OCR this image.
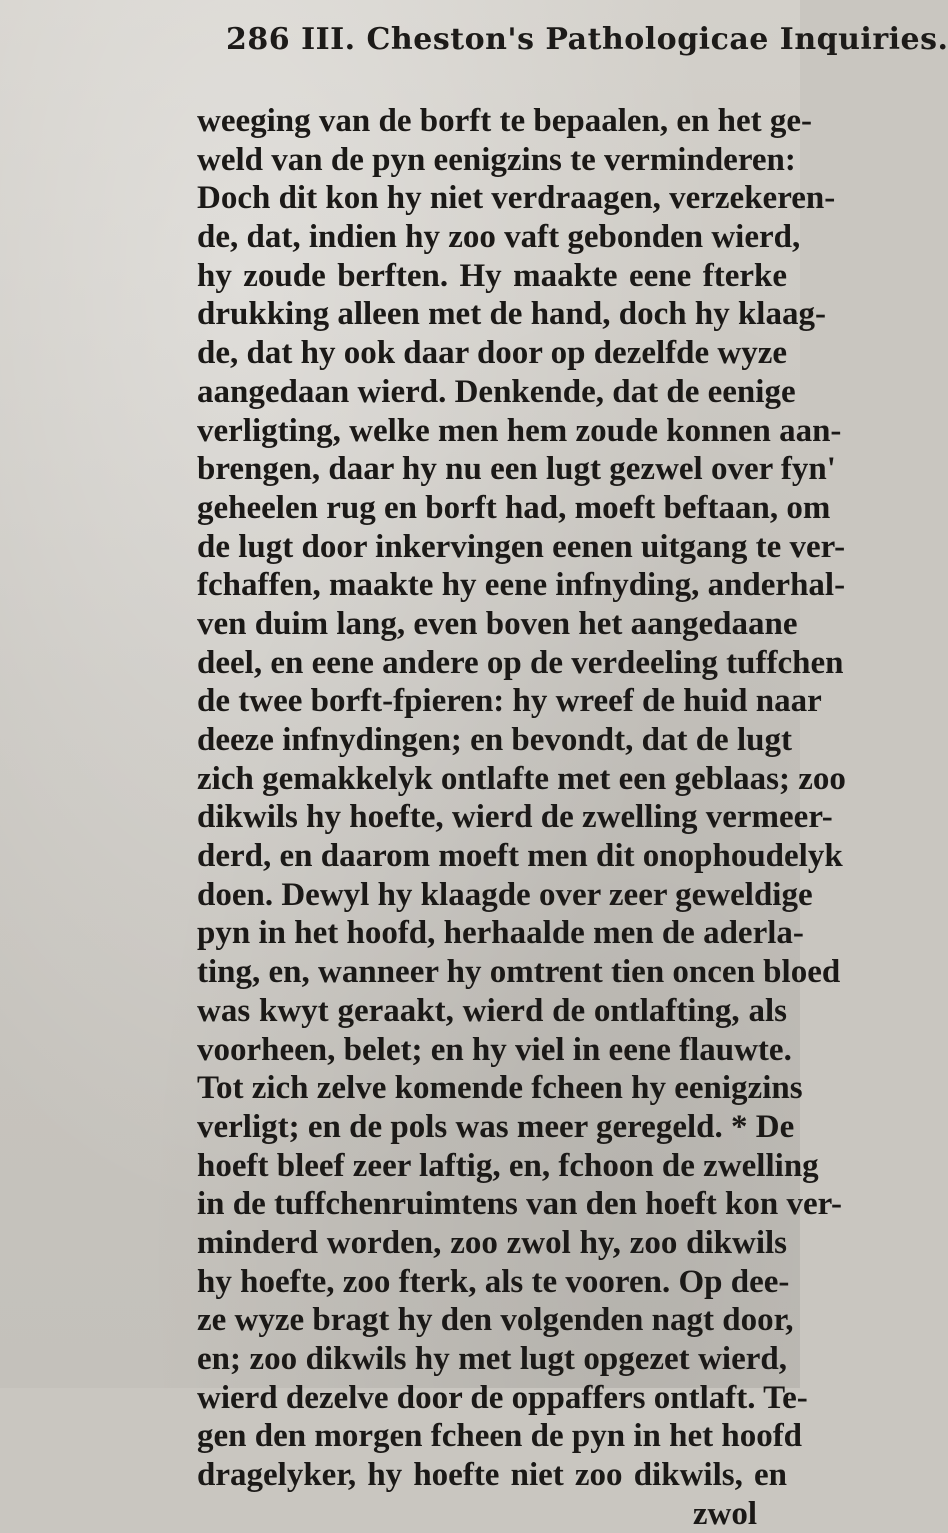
286 III. Cheston's Pathologicae Inquiries.
weeging van de borft te bepaalen, en het ge-
weld van de pyn eenigzins te verminderen:
Doch dit kon hy niet verdraagen, verzekeren-
de, dat, indien hy zoo vaft gebonden wierd,
hy zoude berften. Hy maakte eene fterke
drukking alleen met de hand, doch hy klaag-
de, dat hy ook daar door op dezelfde wyze
aangedaan wierd. Denkende, dat de eenige
verligting, welke men hem zoude konnen aan-
brengen, daar hy nu een lugt gezwel over fyn'
geheelen rug en borft had, moeft beftaan, om
de lugt door inkervingen eenen uitgang te ver-
fchaffen, maakte hy eene infnyding, anderhal-
ven duim lang, even boven het aangedaane
deel, en eene andere op de verdeeling tuffchen
de twee borft-fpieren: hy wreef de huid naar
deeze infnydingen; en bevondt, dat de lugt
zich gemakkelyk ontlafte met een geblaas; zoo
dikwils hy hoefte, wierd de zwelling vermeer-
derd, en daarom moeft men dit onophoudelyk
doen. Dewyl hy klaagde over zeer geweldige
pyn in het hoofd, herhaalde men de aderla-
ting, en, wanneer hy omtrent tien oncen bloed
was kwyt geraakt, wierd de ontlafting, als
voorheen, belet; en hy viel in eene flauwte.
Tot zich zelve komende fcheen hy eenigzins
verligt; en de pols was meer geregeld. * De
hoeft bleef zeer laftig, en, fchoon de zwelling
in de tuffchenruimtens van den hoeft kon ver-
minderd worden, zoo zwol hy, zoo dikwils
hy hoefte, zoo fterk, als te vooren. Op dee-
ze wyze bragt hy den volgenden nagt door,
en; zoo dikwils hy met lugt opgezet wierd,
wierd dezelve door de oppaffers ontlaft. Te-
gen den morgen fcheen de pyn in het hoofd
dragelyker, hy hoefte niet zoo dikwils, en
zwol
